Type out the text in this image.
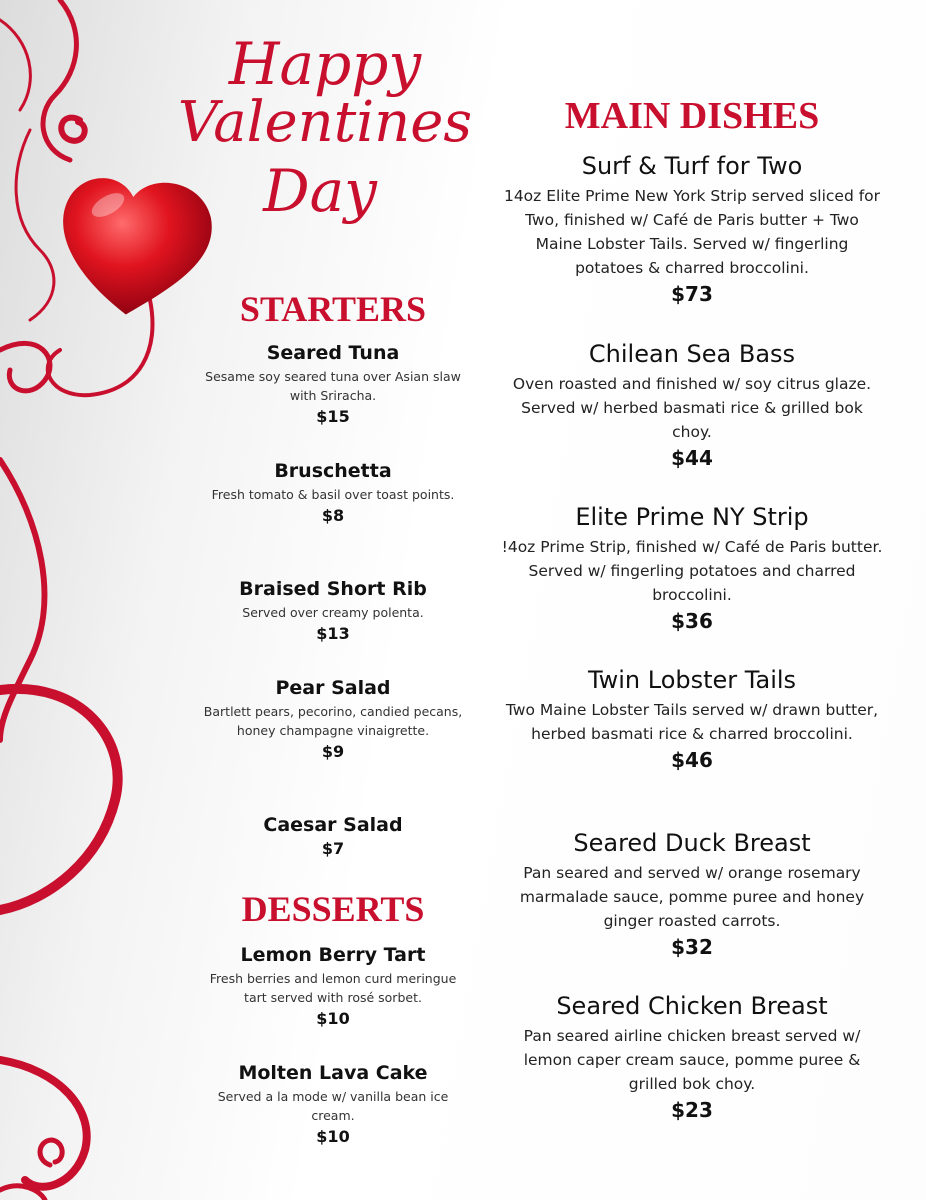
Happy
Valentines
Day
STARTERS

Seared Tuna

Sesame soy seared tuna over Asian slaw with Sriracha.

$15

Bruschetta

Fresh tomato & basil over toast points.

$8

Braised Short Rib

Served over creamy polenta.

$13

Pear Salad

Bartlett pears, pecorino, candied pecans, honey champagne vinaigrette.

$9

Caesar Salad

$7
DESSERTS

Lemon Berry Tart

Fresh berries and lemon curd meringue tart served with rosé sorbet.

$10

Molten Lava Cake

Served a la mode w/ vanilla bean ice cream.

$10
MAIN DISHES

Surf & Turf for Two

14oz Elite Prime New York Strip served sliced for Two, finished w/ Café de Paris butter + Two Maine Lobster Tails. Served w/ fingerling potatoes & charred broccolini.

$73

Chilean Sea Bass

Oven roasted and finished w/ soy citrus glaze. Served w/ herbed basmati rice & grilled bok choy.

$44

Elite Prime NY Strip

!4oz Prime Strip, finished w/ Café de Paris butter. Served w/ fingerling potatoes and charred broccolini.

$36

Twin Lobster Tails

Two Maine Lobster Tails served w/ drawn butter, herbed basmati rice & charred broccolini.

$46

Seared Duck Breast

Pan seared and served w/ orange rosemary marmalade sauce, pomme puree and honey ginger roasted carrots.

$32

Seared Chicken Breast

Pan seared airline chicken breast served w/ lemon caper cream sauce, pomme puree & grilled bok choy.

$23
